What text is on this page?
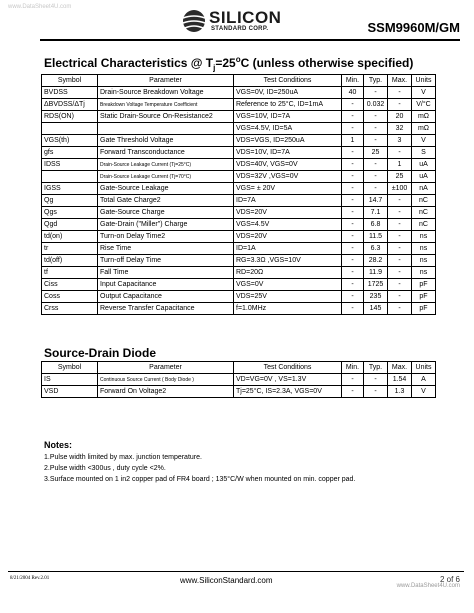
www.DataSheet4U.com
SILICON
STANDARD CORP.	SSM9960M/GM
Electrical Characteristics @ $T_j=25^oC$ (unless otherwise specified)
Symbol	Parameter	Test Conditions	Min.	Typ.	Max.	Units
BVDSS	Drain-Source Breakdown Voltage	VGS=0V, ID=250uA	40	-	-	V
ΔBVDSS/ΔTj	Breakdown Voltage Temperature Coefficient	Reference to 25°C, ID=1mA	-	0.032	-	V/°C
RDS(ON)	Static Drain-Source On-Resistance2	VGS=10V, ID=7A	-	-	20	mΩ
		VGS=4.5V, ID=5A	-	-	32	mΩ
VGS(th)	Gate Threshold Voltage	VDS=VGS, ID=250uA	1	-	3	V
gfs	Forward Transconductance	VDS=10V, ID=7A	-	25	-	S
IDSS	Drain-Source Leakage Current (Tj=25°C)	VDS=40V, VGS=0V	-	-	1	uA
	Drain-Source Leakage Current (Tj=70°C)	VDS=32V ,VGS=0V	-	-	25	uA
IGSS	Gate-Source Leakage	VGS= ± 20V	-	-	±100	nA
Qg	Total Gate Charge2	ID=7A	-	14.7	-	nC
Qgs	Gate-Source Charge	VDS=20V	-	7.1	-	nC
Qgd	Gate-Drain ("Miller") Charge	VGS=4.5V	-	6.8	-	nC
td(on)	Turn-on Delay Time2	VDS=20V	-	11.5	-	ns
tr	Rise Time	ID=1A	-	6.3	-	ns
td(off)	Turn-off Delay Time	RG=3.3Ω ,VGS=10V	-	28.2	-	ns
tf	Fall Time	RD=20Ω	-	11.9	-	ns
Ciss	Input Capacitance	VGS=0V	-	1725	-	pF
Coss	Output Capacitance	VDS=25V	-	235	-	pF
Crss	Reverse Transfer Capacitance	f=1.0MHz	-	145	-	pF
Source-Drain Diode
Symbol	Parameter	Test Conditions	Min.	Typ.	Max.	Units
IS	Continuous Source Current ( Body Diode )	VD=VG=0V , VS=1.3V	-	-	1.54	A
VSD	Forward On Voltage2	Tj=25°C, IS=2.3A, VGS=0V	-	-	1.3	V
Notes:
1.Pulse width limited by max. junction temperature.
2.Pulse width <300us , duty cycle <2%.
3.Surface mounted on 1 in2 copper pad of FR4 board ; 135°C/W when mounted on min. copper pad.
8/21/2004 Rev.2.01	www.SiliconStandard.com	2 of 6
www.DataSheet4U.com
